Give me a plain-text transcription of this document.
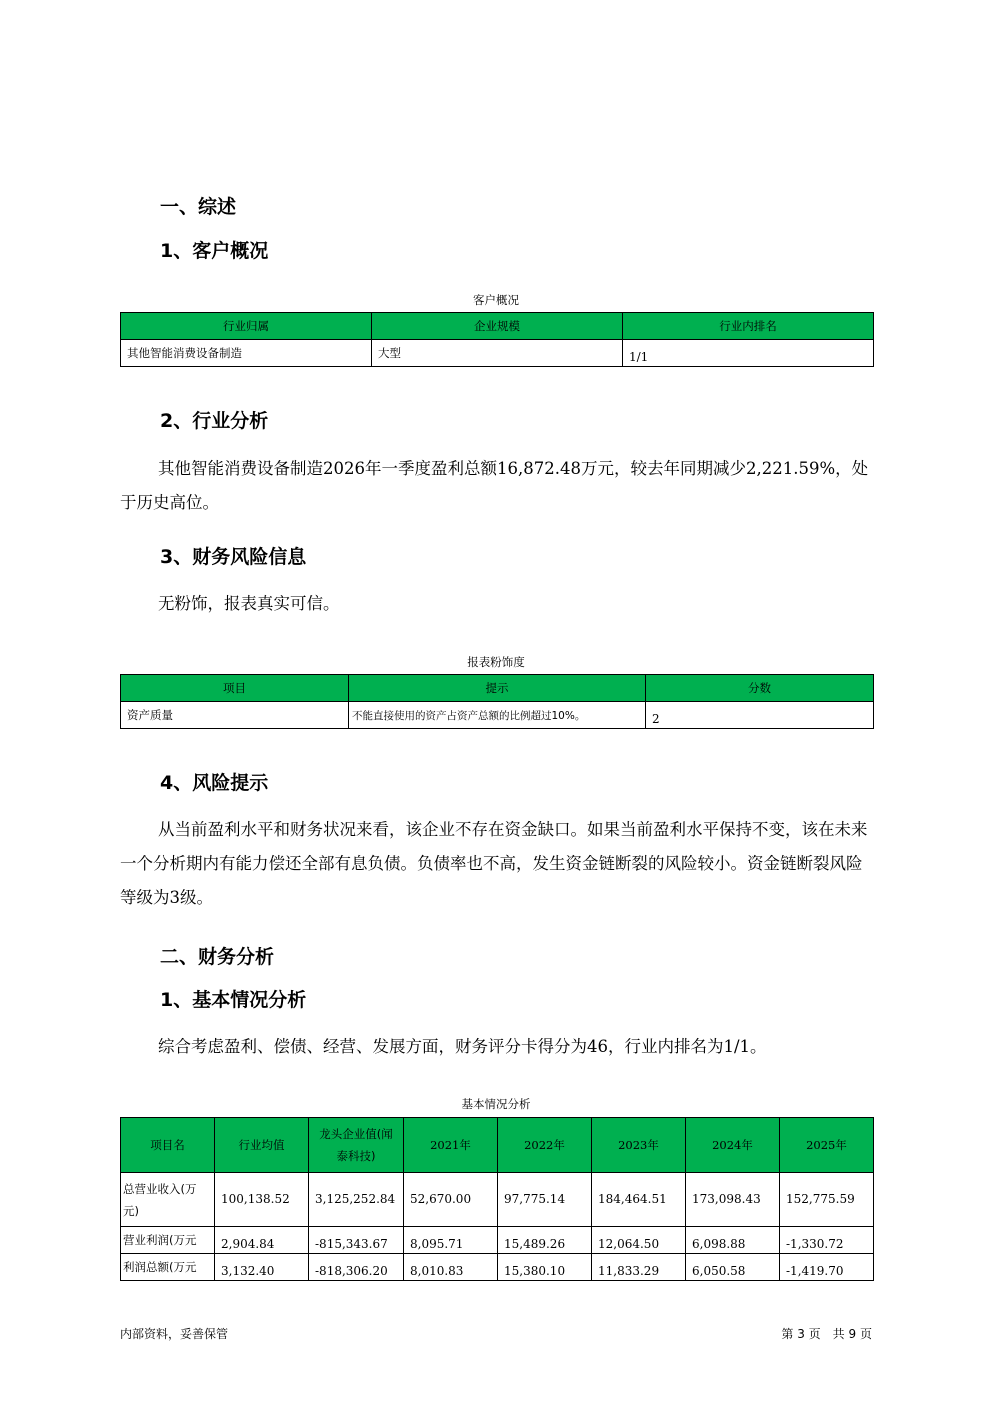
一、综述
1、客户概况
客户概况
行业归属	企业规模	行业内排名
其他智能消费设备制造	大型	1/1
2、行业分析
其他智能消费设备制造2026年一季度盈利总额16,872.48万元，较去年同期减少2,221.59%，处于历史高位。
3、财务风险信息
无粉饰，报表真实可信。
报表粉饰度
项目	提示	分数
资产质量	不能直接使用的资产占资产总额的比例超过10%。	2
4、风险提示
从当前盈利水平和财务状况来看，该企业不存在资金缺口。如果当前盈利水平保持不变，该在未来一个分析期内有能力偿还全部有息负债。负债率也不高，发生资金链断裂的风险较小。资金链断裂风险等级为3级。
二、财务分析
1、基本情况分析
综合考虑盈利、偿债、经营、发展方面，财务评分卡得分为46，行业内排名为1/1。
基本情况分析
项目名	行业均值	龙头企业值(闻泰科技)	2021年	2022年	2023年	2024年	2025年
总营业收入(万元)	100,138.52	3,125,252.84	52,670.00	97,775.14	184,464.51	173,098.43	152,775.59
营业利润(万元	2,904.84	-815,343.67	8,095.71	15,489.26	12,064.50	6,098.88	-1,330.72
利润总额(万元	3,132.40	-818,306.20	8,010.83	15,380.10	11,833.29	6,050.58	-1,419.70
内部资料，妥善保管	第 3 页　共 9 页
